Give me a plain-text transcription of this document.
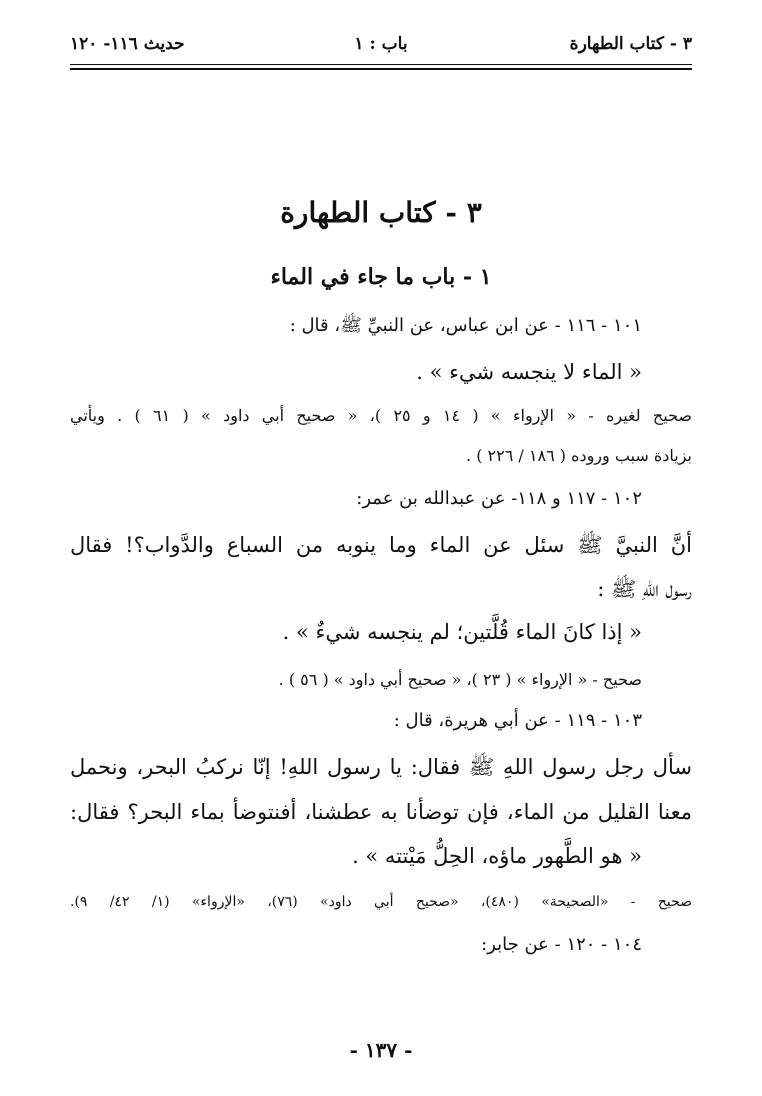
٣ - كتاب الطهارة
باب : ١
حديث ١١٦- ١٢٠
٣ - كتاب الطهارة
١ - باب ما جاء في الماء
١٠١ - ١١٦ - عن ابن عباس، عن النبيِّ ﷺ، قال :
« الماء لا ينجسه شيء » .
صحيح لغيره - « الإرواء » ( ١٤ و ٢٥ )، « صحيح أبي داود » ( ٦١ ) . ويأتي
بزيادة سبب وروده ( ١٨٦ / ٢٢٦ ) .
١٠٢ - ١١٧ و ١١٨- عن عبدالله بن عمر:
أنَّ النبيَّ ﷺ سئل عن الماء وما ينوبه من السباع والدَّواب؟! فقال
رسول اللهِ ﷺ :
« إذا كانَ الماء قُلَّتين؛ لم ينجسه شيءٌ » .
صحيح - « الإرواء » ( ٢٣ )، « صحيح أبي داود » ( ٥٦ ) .
١٠٣ - ١١٩ - عن أبي هريرة، قال :
سأل رجل رسول اللهِ ﷺ فقال: يا رسول اللهِ! إنّا نركبُ البحر، ونحمل
معنا القليل من الماء، فإن توضأنا به عطشنا، أفنتوضأ بماء البحر؟ فقال:
« هو الطَّهور ماؤه، الحِلُّ مَيْتته » .
صحيح - «الصحيحة» (٤٨٠)، «صحيح أبي داود» (٧٦)، «الإرواء» (١/ ٤٢/ ٩).
١٠٤ - ١٢٠ - عن جابر:
- ١٣٧ -
